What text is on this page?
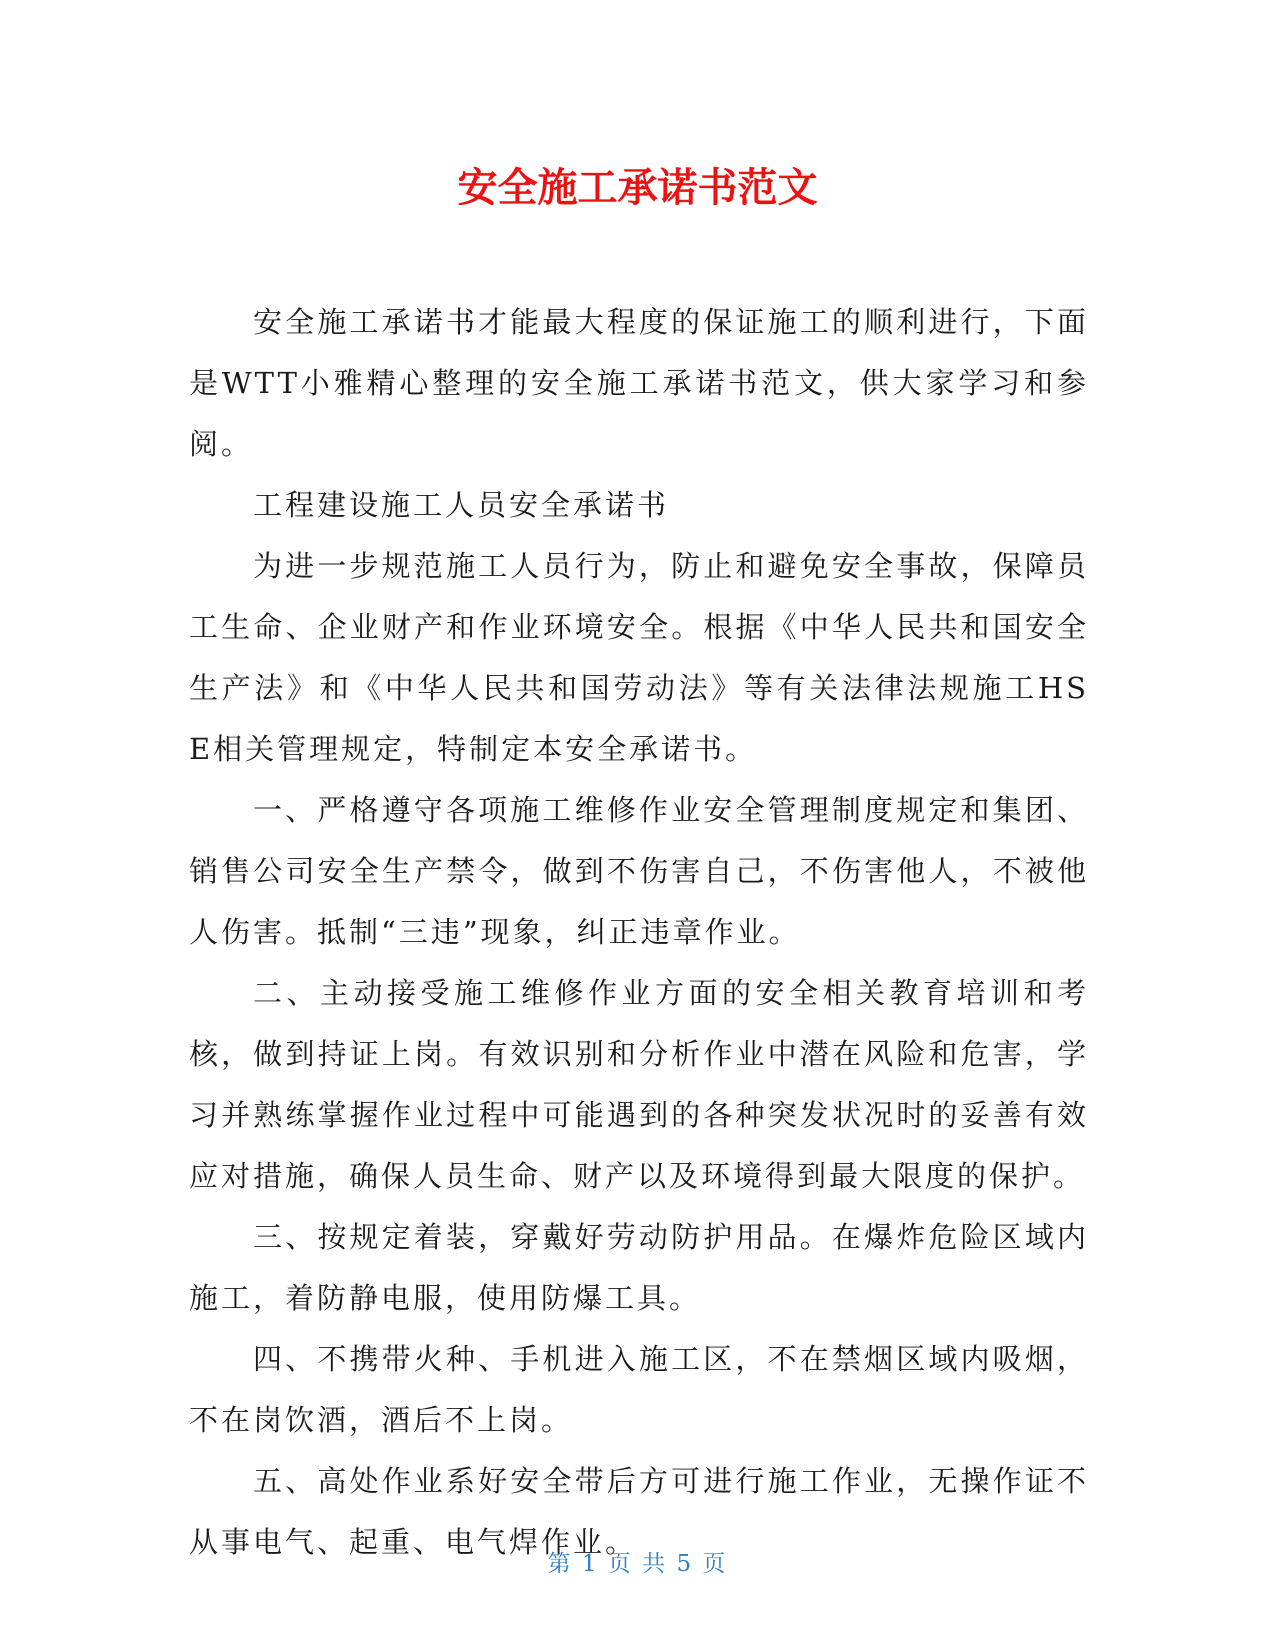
安全施工承诺书范文

安全施工承诺书才能最大程度的保证施工的顺利进行，下面是WTT小雅精心整理的安全施工承诺书范文，供大家学习和参阅。

工程建设施工人员安全承诺书

为进一步规范施工人员行为，防止和避免安全事故，保障员工生命、企业财产和作业环境安全。根据《中华人民共和国安全生产法》和《中华人民共和国劳动法》等有关法律法规施工HSE相关管理规定，特制定本安全承诺书。

一、严格遵守各项施工维修作业安全管理制度规定和集团、销售公司安全生产禁令，做到不伤害自己，不伤害他人，不被他人伤害。抵制“三违”现象，纠正违章作业。

二、主动接受施工维修作业方面的安全相关教育培训和考核，做到持证上岗。有效识别和分析作业中潜在风险和危害，学习并熟练掌握作业过程中可能遇到的各种突发状况时的妥善有效应对措施，确保人员生命、财产以及环境得到最大限度的保护。

三、按规定着装，穿戴好劳动防护用品。在爆炸危险区域内施工，着防静电服，使用防爆工具。

四、不携带火种、手机进入施工区，不在禁烟区域内吸烟，不在岗饮酒，酒后不上岗。

五、高处作业系好安全带后方可进行施工作业，无操作证不从事电气、起重、电气焊作业。

第 1 页 共 5 页
